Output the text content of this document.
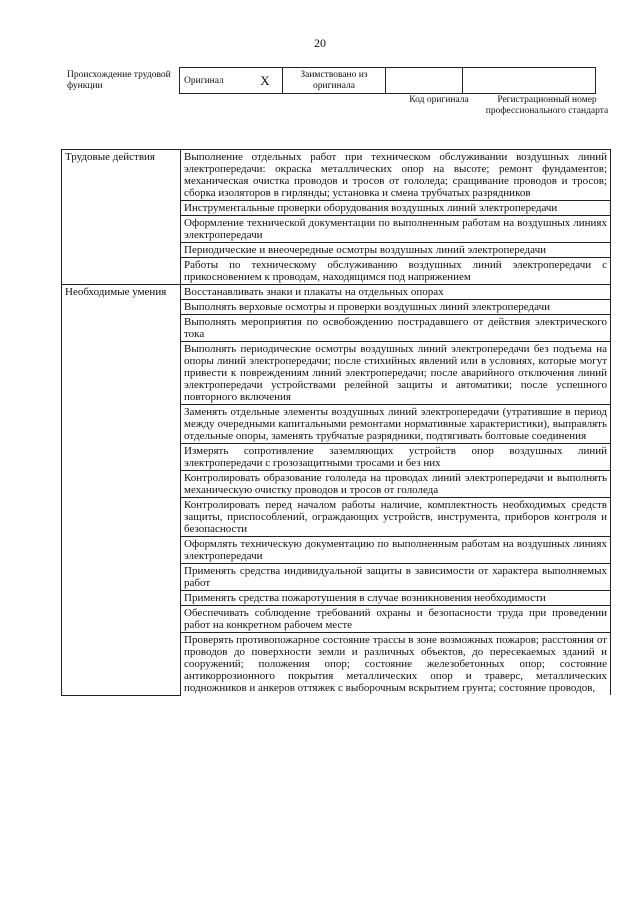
20
Происхождение трудовой функции
Оригинал	X	Заимствовано из оригинала		
Код оригинала	Регистрационный номер профессионального стандарта
Трудовые действия	Выполнение отдельных работ при техническом обслуживании воздушных линий электропередачи: окраска металлических опор на высоте; ремонт фундаментов; механическая очистка проводов и тросов от гололеда; сращивание проводов и тросов; сборка изоляторов в гирлянды; установка и смена трубчатых разрядников
	Инструментальные проверки оборудования воздушных линий электропередачи
	Оформление технической документации по выполненным работам на воздушных линиях электропередачи
	Периодические и внеочередные осмотры воздушных линий электропередачи
	Работы по техническому обслуживанию воздушных линий электропередачи с прикосновением к проводам, находящимся под напряжением
Необходимые умения	Восстанавливать знаки и плакаты на отдельных опорах
	Выполнять верховые осмотры и проверки воздушных линий электропередачи
	Выполнять мероприятия по освобождению пострадавшего от действия электрического тока
	Выполнять периодические осмотры воздушных линий электропередачи без подъема на опоры линий электропередачи; после стихийных явлений или в условиях, которые могут привести к повреждениям линий электропередачи; после аварийного отключения линий электропередачи устройствами релейной защиты и автоматики; после успешного повторного включения
	Заменять отдельные элементы воздушных линий электропередачи (утратившие в период между очередными капитальными ремонтами нормативные характеристики), выправлять отдельные опоры, заменять трубчатые разрядники, подтягивать болтовые соединения
	Измерять сопротивление заземляющих устройств опор воздушных линий электропередачи с грозозащитными тросами и без них
	Контролировать образование гололеда на проводах линий электропередачи и выполнять механическую очистку проводов и тросов от гололеда
	Контролировать перед началом работы наличие, комплектность необходимых средств защиты, приспособлений, ограждающих устройств, инструмента, приборов контроля и безопасности
	Оформлять техническую документацию по выполненным работам на воздушных линиях электропередачи
	Применять средства индивидуальной защиты в зависимости от характера выполняемых работ
	Применять средства пожаротушения в случае возникновения необходимости
	Обеспечивать соблюдение требований охраны и безопасности труда при проведении работ на конкретном рабочем месте
	Проверять противопожарное состояние трассы в зоне возможных пожаров; расстояния от проводов до поверхности земли и различных объектов, до пересекаемых зданий и сооружений; положения опор; состояние железобетонных опор; состояние антикоррозионного покрытия металлических опор и траверс, металлических подножников и анкеров оттяжек с выборочным вскрытием грунта; состояние проводов,
